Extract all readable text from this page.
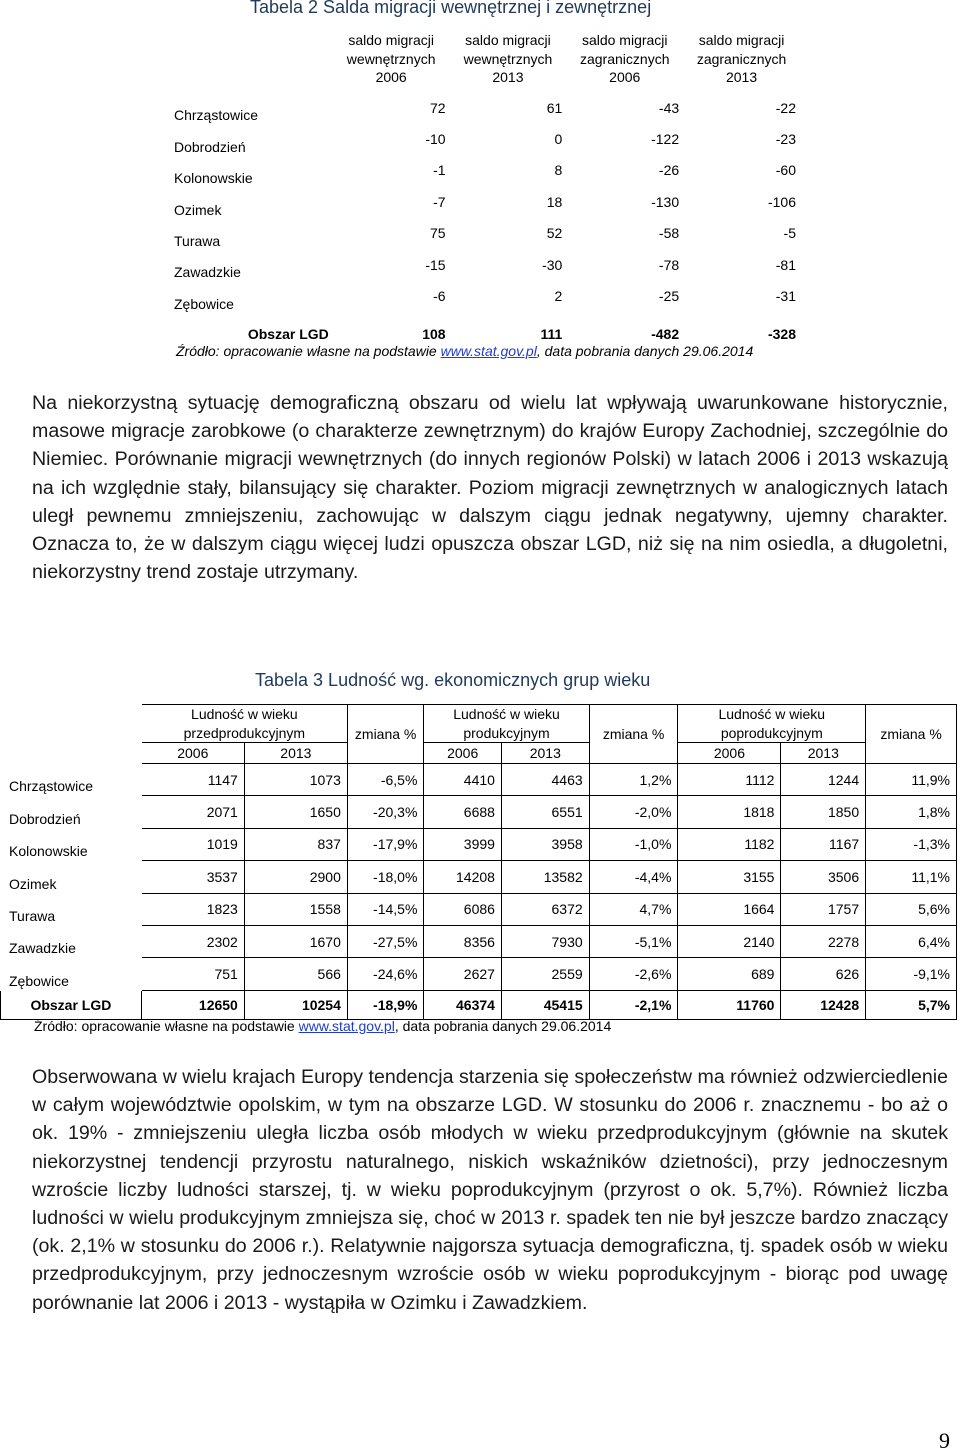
Tabela 2 Salda migracji wewnętrznej i zewnętrznej
	saldo migracji wewnętrznych 2006	saldo migracji wewnętrznych 2013	saldo migracji zagranicznych 2006	saldo migracji zagranicznych 2013
Chrząstowice	72	61	-43	-22
Dobrodzień	-10	0	-122	-23
Kolonowskie	-1	8	-26	-60
Ozimek	-7	18	-130	-106
Turawa	75	52	-58	-5
Zawadzkie	-15	-30	-78	-81
Zębowice	-6	2	-25	-31
Obszar LGD	108	111	-482	-328
Źródło: opracowanie własne na podstawie www.stat.gov.pl, data pobrania danych 29.06.2014
Na niekorzystną sytuację demograficzną obszaru od wielu lat wpływają uwarunkowane historycznie, masowe migracje zarobkowe (o charakterze zewnętrznym) do krajów Europy Zachodniej, szczególnie do Niemiec. Porównanie migracji wewnętrznych (do innych regionów Polski) w latach 2006 i 2013 wskazują na ich względnie stały, bilansujący się charakter. Poziom migracji zewnętrznych w analogicznych latach uległ pewnemu zmniejszeniu, zachowując w dalszym ciągu jednak negatywny, ujemny charakter. Oznacza to, że w dalszym ciągu więcej ludzi opuszcza obszar LGD, niż się na nim osiedla, a długoletni, niekorzystny trend zostaje utrzymany.
Tabela 3 Ludność wg. ekonomicznych grup wieku
	Ludność w wieku przedprodukcyjnym		zmiana %	Ludność w wieku produkcyjnym		zmiana %	Ludność w wieku poprodukcyjnym		zmiana %
	2006	2013		2006	2013		2006	2013	
Chrząstowice	1147	1073	-6,5%	4410	4463	1,2%	1112	1244	11,9%
Dobrodzień	2071	1650	-20,3%	6688	6551	-2,0%	1818	1850	1,8%
Kolonowskie	1019	837	-17,9%	3999	3958	-1,0%	1182	1167	-1,3%
Ozimek	3537	2900	-18,0%	14208	13582	-4,4%	3155	3506	11,1%
Turawa	1823	1558	-14,5%	6086	6372	4,7%	1664	1757	5,6%
Zawadzkie	2302	1670	-27,5%	8356	7930	-5,1%	2140	2278	6,4%
Zębowice	751	566	-24,6%	2627	2559	-2,6%	689	626	-9,1%
Obszar LGD	12650	10254	-18,9%	46374	45415	-2,1%	11760	12428	5,7%
Źródło: opracowanie własne na podstawie www.stat.gov.pl, data pobrania danych 29.06.2014
Obserwowana w wielu krajach Europy tendencja starzenia się społeczeństw ma również odzwierciedlenie w całym województwie opolskim, w tym na obszarze LGD. W stosunku do 2006 r. znacznemu - bo aż o ok. 19% - zmniejszeniu uległa liczba osób młodych w wieku przedprodukcyjnym (głównie na skutek niekorzystnej tendencji przyrostu naturalnego, niskich wskaźników dzietności), przy jednoczesnym wzroście liczby ludności starszej, tj. w wieku poprodukcyjnym (przyrost o ok. 5,7%). Również liczba ludności w wielu produkcyjnym zmniejsza się, choć w 2013 r. spadek ten nie był jeszcze bardzo znaczący (ok. 2,1% w stosunku do 2006 r.). Relatywnie najgorsza sytuacja demograficzna, tj. spadek osób w wieku przedprodukcyjnym, przy jednoczesnym wzroście osób w wieku poprodukcyjnym - biorąc pod uwagę porównanie lat 2006 i 2013 - wystąpiła w Ozimku i Zawadzkiem.
9
